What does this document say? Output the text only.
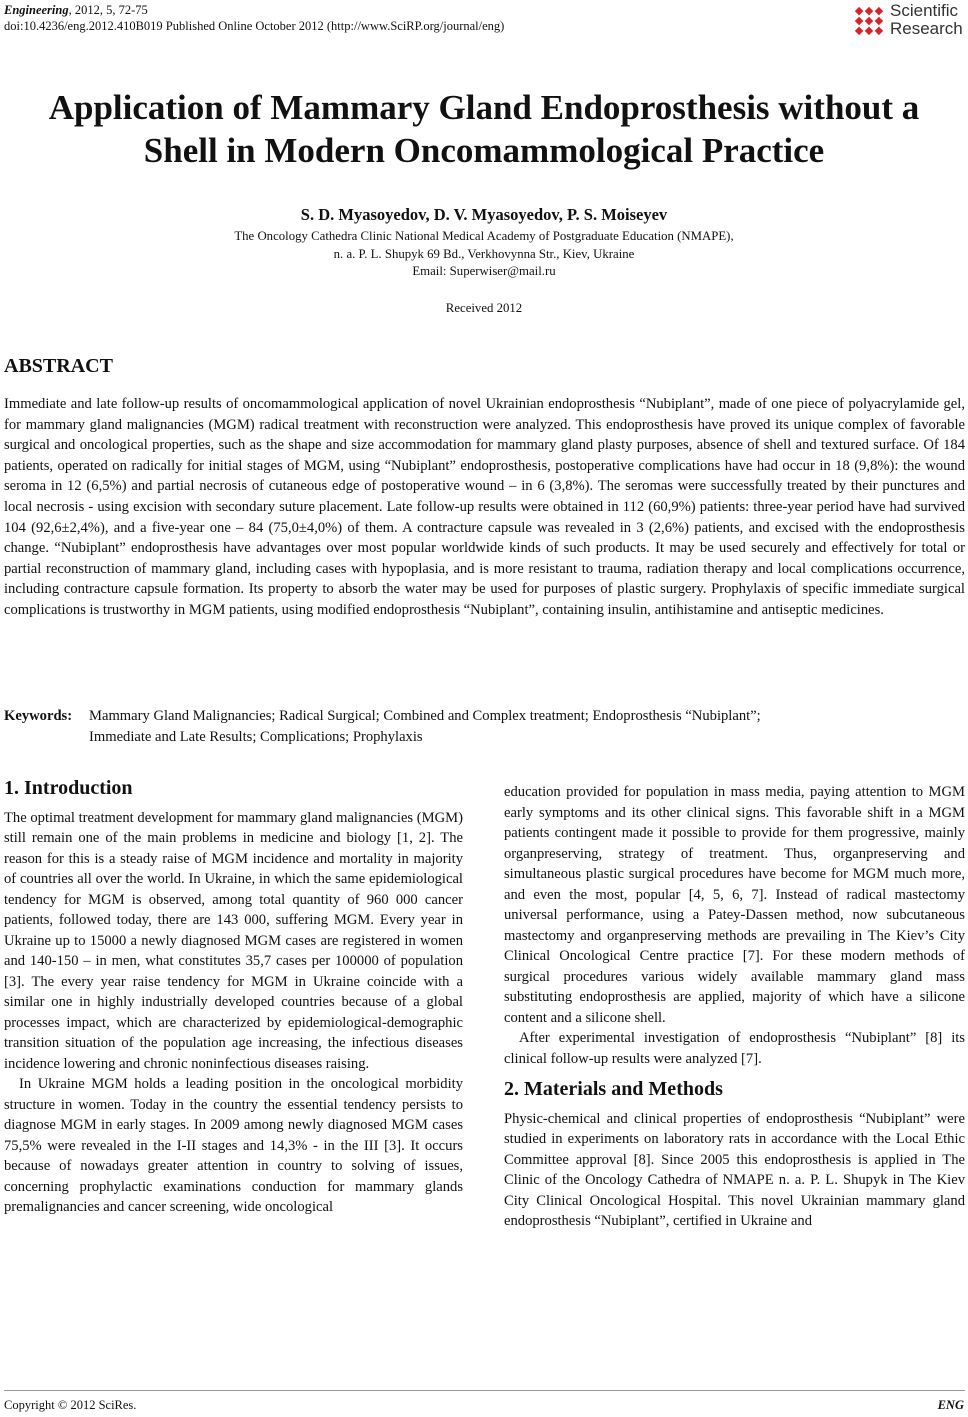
Engineering, 2012, 5, 72-75
doi:10.4236/eng.2012.410B019 Published Online October 2012 (http://www.SciRP.org/journal/eng)
Scientific
Research
Application of Mammary Gland Endoprosthesis without a
Shell in Modern Oncomammological Practice
S. D. Myasoyedov, D. V. Myasoyedov, P. S. Moiseyev
The Oncology Cathedra Clinic National Medical Academy of Postgraduate Education (NMAPE),
n. a. P. L. Shupyk 69 Bd., Verkhovynna Str., Kiev, Ukraine
Email: Superwiser@mail.ru
Received 2012
ABSTRACT

Immediate and late follow-up results of oncomammological application of novel Ukrainian endoprosthesis “Nubiplant”, made of one piece of polyacrylamide gel, for mammary gland malignancies (MGM) radical treatment with reconstruction were analyzed. This endoprosthesis have proved its unique complex of favorable surgical and oncological properties, such as the shape and size accommodation for mammary gland plasty purposes, absence of shell and textured surface. Of 184 patients, operated on radically for initial stages of MGM, using “Nubiplant” endoprosthesis, postoperative complications have had occur in 18 (9,8%): the wound seroma in 12 (6,5%) and partial necrosis of cutaneous edge of postoperative wound – in 6 (3,8%). The seromas were successfully treated by their punctures and local necrosis - using excision with secondary suture placement. Late follow-up results were obtained in 112 (60,9%) patients: three-year period have had survived 104 (92,6±2,4%), and a five-year one – 84 (75,0±4,0%) of them. A contracture capsule was revealed in 3 (2,6%) patients, and excised with the endoprosthesis change. “Nubiplant” endoprosthesis have advantages over most popular worldwide kinds of such products. It may be used securely and effectively for total or partial reconstruction of mammary gland, including cases with hypoplasia, and is more resistant to trauma, radiation therapy and local complications occurrence, including contracture capsule formation. Its property to absorb the water may be used for purposes of plastic surgery. Prophylaxis of specific immediate surgical complications is trustworthy in MGM patients, using modified endoprosthesis “Nubiplant”, containing insulin, antihistamine and antiseptic medicines.

Keywords: Mammary Gland Malignancies; Radical Surgical; Combined and Complex treatment; Endoprosthesis “Nubiplant”;
Immediate and Late Results; Complications; Prophylaxis
1. Introduction

The optimal treatment development for mammary gland malignancies (MGM) still remain one of the main problems in medicine and biology [1, 2]. The reason for this is a steady raise of MGM incidence and mortality in majority of countries all over the world. In Ukraine, in which the same epidemiological tendency for MGM is observed, among total quantity of 960 000 cancer patients, followed today, there are 143 000, suffering MGM. Every year in Ukraine up to 15000 a newly diagnosed MGM cases are registered in women and 140-150 – in men, what constitutes 35,7 cases per 100000 of population [3]. The every year raise tendency for MGM in Ukraine coincide with a similar one in highly industrially developed countries because of a global processes impact, which are characterized by epidemiological-demographic transition situation of the population age increasing, the infectious diseases incidence lowering and chronic noninfectious diseases raising.

In Ukraine MGM holds a leading position in the oncological morbidity structure in women. Today in the country the essential tendency persists to diagnose MGM in early stages. In 2009 among newly diagnosed MGM cases 75,5% were revealed in the I-II stages and 14,3% - in the III [3]. It occurs because of nowadays greater attention in country to solving of issues, concerning prophylactic examinations conduction for mammary glands premalignancies and cancer screening, wide oncological

education provided for population in mass media, paying attention to MGM early symptoms and its other clinical signs. This favorable shift in a MGM patients contingent made it possible to provide for them progressive, mainly organpreserving, strategy of treatment. Thus, organpreserving and simultaneous plastic surgical procedures have become for MGM much more, and even the most, popular [4, 5, 6, 7]. Instead of radical mastectomy universal performance, using a Patey-Dassen method, now subcutaneous mastectomy and organpreserving methods are prevailing in The Kiev’s City Clinical Oncological Centre practice [7]. For these modern methods of surgical procedures various widely available mammary gland mass substituting endoprosthesis are applied, majority of which have a silicone content and a silicone shell.

After experimental investigation of endoprosthesis “Nubiplant” [8] its clinical follow-up results were analyzed [7].

2. Materials and Methods

Physic-chemical and clinical properties of endoprosthesis “Nubiplant” were studied in experiments on laboratory rats in accordance with the Local Ethic Committee approval [8]. Since 2005 this endoprosthesis is applied in The Clinic of the Oncology Cathedra of NMAPE n. a. P. L. Shupyk in The Kiev City Clinical Oncological Hospital. This novel Ukrainian mammary gland endoprosthesis “Nubiplant”, certified in Ukraine and

Copyright © 2012 SciRes.	ENG
